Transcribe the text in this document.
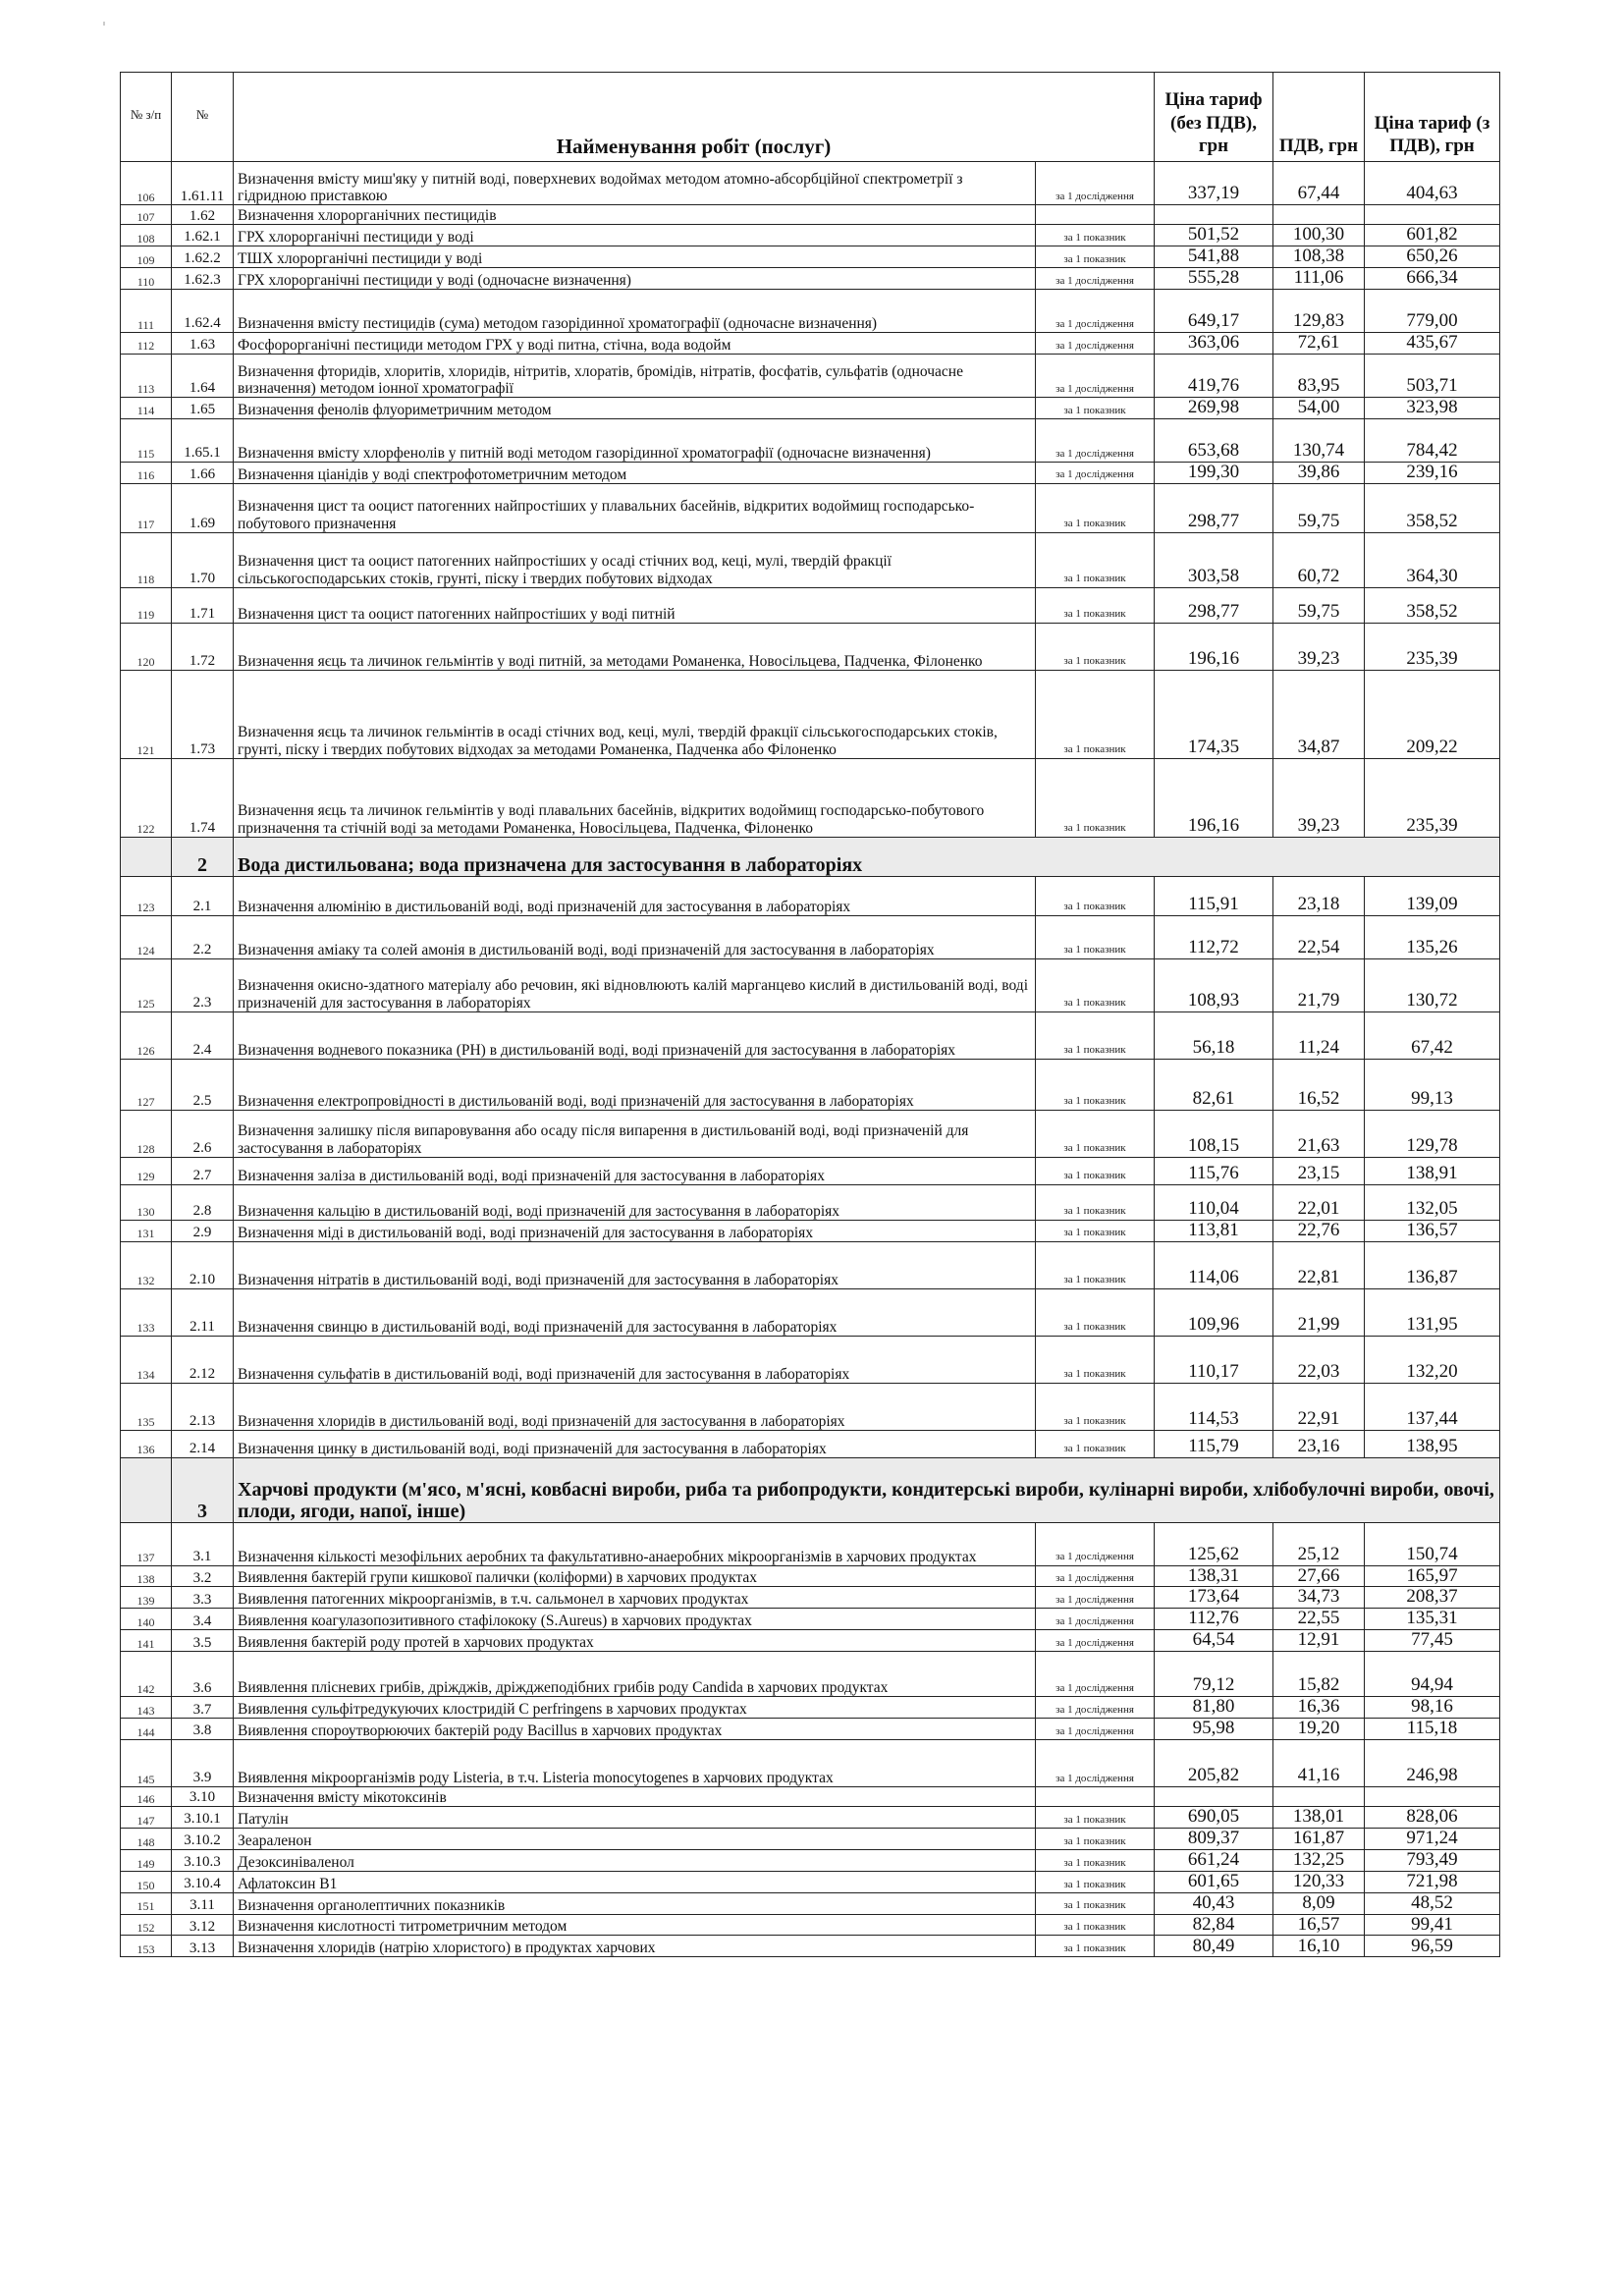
№ з/п	№	Найменування робіт (послуг)		Ціна тариф (без ПДВ), грн	ПДВ, грн	Ціна тариф (з ПДВ), грн
106	1.61.11	Визначення вмісту миш'яку у питній воді, поверхневих водоймах методом атомно-абсорбційної спектрометрії з гідридною приставкою	за 1 дослідження	337,19	67,44	404,63
107	1.62	Визначення хлорорганічних пестицидів				
108	1.62.1	ГРХ хлорорганічні пестициди у воді	за 1 показник	501,52	100,30	601,82
109	1.62.2	ТШХ хлорорганічні пестициди у воді	за 1 показник	541,88	108,38	650,26
110	1.62.3	ГРХ хлорорганічні пестициди у воді (одночасне визначення)	за 1 дослідження	555,28	111,06	666,34
111	1.62.4	Визначення вмісту пестицидів (сума) методом газорідинної хроматографії (одночасне визначення)	за 1 дослідження	649,17	129,83	779,00
112	1.63	Фосфорорганічні пестициди методом ГРХ у воді питна, стічна, вода водойм	за 1 дослідження	363,06	72,61	435,67
113	1.64	Визначення фторидів, хлоритів, хлоридів, нітритів, хлоратів, бромідів, нітратів, фосфатів, сульфатів (одночасне визначення) методом іонної хроматографії	за 1 дослідження	419,76	83,95	503,71
114	1.65	Визначення фенолів флуориметричним методом	за 1 показник	269,98	54,00	323,98
115	1.65.1	Визначення вмісту хлорфенолів у питній воді методом газорідинної хроматографії (одночасне визначення)	за 1 дослідження	653,68	130,74	784,42
116	1.66	Визначення ціанідів у воді спектрофотометричним методом	за 1 дослідження	199,30	39,86	239,16
117	1.69	Визначення цист та ооцист патогенних найпростіших у плавальних басейнів, відкритих водоймищ господарсько-побутового призначення	за 1 показник	298,77	59,75	358,52
118	1.70	Визначення цист та ооцист патогенних найпростіших у осаді стічних вод, кеці, мулі, твердій фракції сільськогосподарських стоків, грунті, піску і твердих побутових відходах	за 1 показник	303,58	60,72	364,30
119	1.71	Визначення цист та ооцист патогенних найпростіших у воді питній	за 1 показник	298,77	59,75	358,52
120	1.72	Визначення яєць та личинок гельмінтів у воді питній, за методами Романенка, Новосільцева, Падченка, Філоненко	за 1 показник	196,16	39,23	235,39
121	1.73	Визначення яєць та личинок гельмінтів в осаді стічних вод, кеці, мулі, твердій фракції сільськогосподарських стоків, грунті, піску і твердих побутових відходах за методами Романенка, Падченка або Філоненко	за 1 показник	174,35	34,87	209,22
122	1.74	Визначення яєць та личинок гельмінтів у воді плавальних басейнів, відкритих водоймищ господарсько-побутового призначення та стічній воді за методами Романенка, Новосільцева, Падченка, Філоненко	за 1 показник	196,16	39,23	235,39
	2	Вода дистильована; вода призначена для застосування в лабораторіях				
123	2.1	Визначення алюмінію в дистильованій воді, воді призначеній для застосування в лабораторіях	за 1 показник	115,91	23,18	139,09
124	2.2	Визначення аміаку та солей амонія в дистильованій воді, воді призначеній для застосування в лабораторіях	за 1 показник	112,72	22,54	135,26
125	2.3	Визначення окисно-здатного матеріалу або речовин, які відновлюють калій марганцево кислий в дистильованій воді, воді призначеній для застосування в лабораторіях	за 1 показник	108,93	21,79	130,72
126	2.4	Визначення водневого показника (PH) в дистильованій воді, воді призначеній для застосування в лабораторіях	за 1 показник	56,18	11,24	67,42
127	2.5	Визначення електропровідності в дистильованій воді, воді призначеній для застосування в лабораторіях	за 1 показник	82,61	16,52	99,13
128	2.6	Визначення залишку після випаровування або осаду після випарення в дистильованій воді, воді призначеній для застосування в лабораторіях	за 1 показник	108,15	21,63	129,78
129	2.7	Визначення заліза в дистильованій воді, воді призначеній для застосування в лабораторіях	за 1 показник	115,76	23,15	138,91
130	2.8	Визначення кальцію в дистильованій воді, воді призначеній для застосування в лабораторіях	за 1 показник	110,04	22,01	132,05
131	2.9	Визначення міді в дистильованій воді, воді призначеній для застосування в лабораторіях	за 1 показник	113,81	22,76	136,57
132	2.10	Визначення нітратів в дистильованій воді, воді призначеній для застосування в лабораторіях	за 1 показник	114,06	22,81	136,87
133	2.11	Визначення свинцю в дистильованій воді, воді призначеній для застосування в лабораторіях	за 1 показник	109,96	21,99	131,95
134	2.12	Визначення сульфатів в дистильованій воді, воді призначеній для застосування в лабораторіях	за 1 показник	110,17	22,03	132,20
135	2.13	Визначення хлоридів в дистильованій воді, воді призначеній для застосування в лабораторіях	за 1 показник	114,53	22,91	137,44
136	2.14	Визначення цинку в дистильованій воді, воді призначеній для застосування в лабораторіях	за 1 показник	115,79	23,16	138,95
	3	Харчові продукти (м'ясо, м'ясні, ковбасні вироби, риба та рибопродукти, кондитерські вироби, кулінарні вироби, хлібобулочні вироби, овочі, плоди, ягоди, напої, інше)				
137	3.1	Визначення кількості мезофільних аеробних та факультативно-анаеробних мікроорганізмів в харчових продуктах	за 1 дослідження	125,62	25,12	150,74
138	3.2	Виявлення бактерій групи кишкової палички (коліформи) в харчових продуктах	за 1 дослідження	138,31	27,66	165,97
139	3.3	Виявлення патогенних мікроорганізмів, в т.ч. сальмонел в харчових продуктах	за 1 дослідження	173,64	34,73	208,37
140	3.4	Виявлення коагулазопозитивного стафілококу (S.Aureus) в харчових продуктах	за 1 дослідження	112,76	22,55	135,31
141	3.5	Виявлення бактерій роду протей в харчових продуктах	за 1 дослідження	64,54	12,91	77,45
142	3.6	Виявлення плісневих грибів, дріжджів, дріжджеподібних грибів роду Candida в харчових продуктах	за 1 дослідження	79,12	15,82	94,94
143	3.7	Виявлення сульфітредукуючих клостридій C perfringens в харчових продуктах	за 1 дослідження	81,80	16,36	98,16
144	3.8	Виявлення спороутворюючих бактерій роду Bacillus в харчових продуктах	за 1 дослідження	95,98	19,20	115,18
145	3.9	Виявлення мікроорганізмів роду Listeria, в т.ч. Listeria monocytogenes в харчових продуктах	за 1 дослідження	205,82	41,16	246,98
146	3.10	Визначення вмісту мікотоксинів				
147	3.10.1	Патулін	за 1 показник	690,05	138,01	828,06
148	3.10.2	Зеараленон	за 1 показник	809,37	161,87	971,24
149	3.10.3	Дезоксиніваленол	за 1 показник	661,24	132,25	793,49
150	3.10.4	Афлатоксин В1	за 1 показник	601,65	120,33	721,98
151	3.11	Визначення органолептичних показників	за 1 показник	40,43	8,09	48,52
152	3.12	Визначення кислотності титрометричним методом	за 1 показник	82,84	16,57	99,41
153	3.13	Визначення хлоридів (натрію хлористого) в продуктах харчових	за 1 показник	80,49	16,10	96,59
